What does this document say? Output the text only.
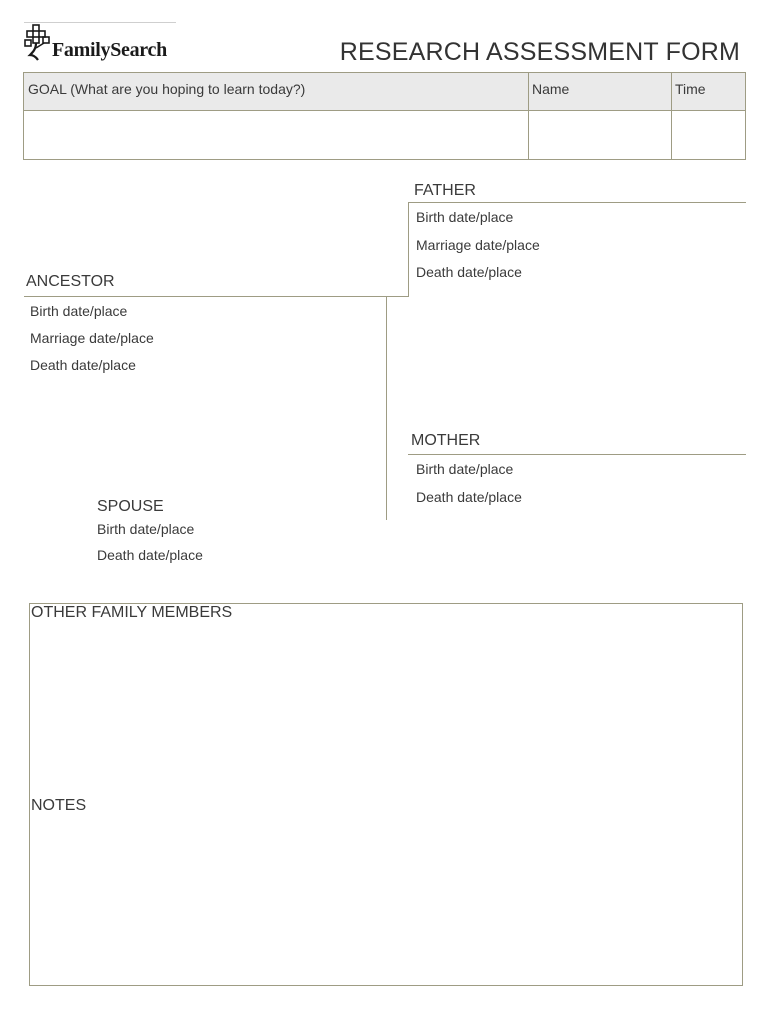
FamilySearch	RESEARCH ASSESSMENT FORM
GOAL (What are you hoping to learn today?)	Name	Time
FATHER
Birth date/place
Marriage date/place
Death date/place
ANCESTOR
Birth date/place
Marriage date/place
Death date/place
MOTHER
Birth date/place
Death date/place
SPOUSE
Birth date/place
Death date/place
OTHER FAMILY MEMBERS
NOTES
